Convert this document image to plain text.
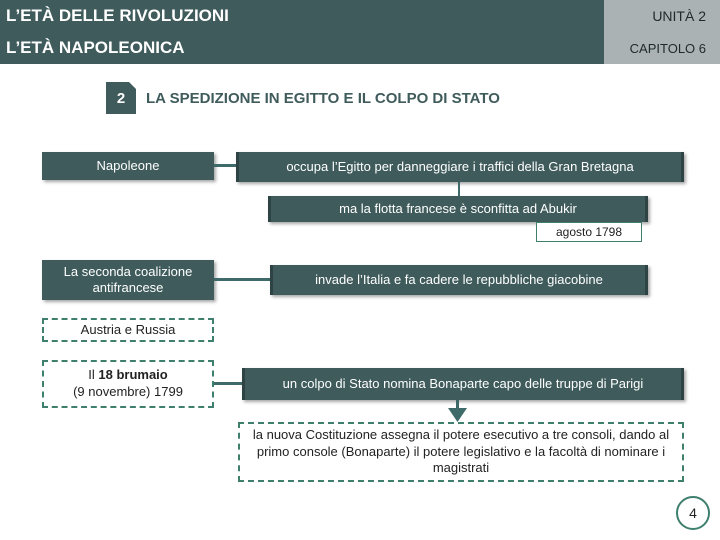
L’ETÀ DELLE RIVOLUZIONI
L’ETÀ NAPOLEONICA
UNITÀ 2
CAPITOLO 6
2 LA SPEDIZIONE IN EGITTO E IL COLPO DI STATO
Napoleone	occupa l’Egitto per danneggiare i traffici della Gran Bretagna
ma la flotta francese è sconfitta ad Abukir
agosto 1798
La seconda coalizione antifrancese
invade l’Italia e fa cadere le repubbliche giacobine
Austria e Russia
Il 18 brumaio
(9 novembre) 1799
un colpo di Stato nomina Bonaparte capo delle truppe di Parigi
la nuova Costituzione assegna il potere esecutivo a tre consoli, dando al primo console (Bonaparte) il potere legislativo e la facoltà di nominare i magistrati
4
